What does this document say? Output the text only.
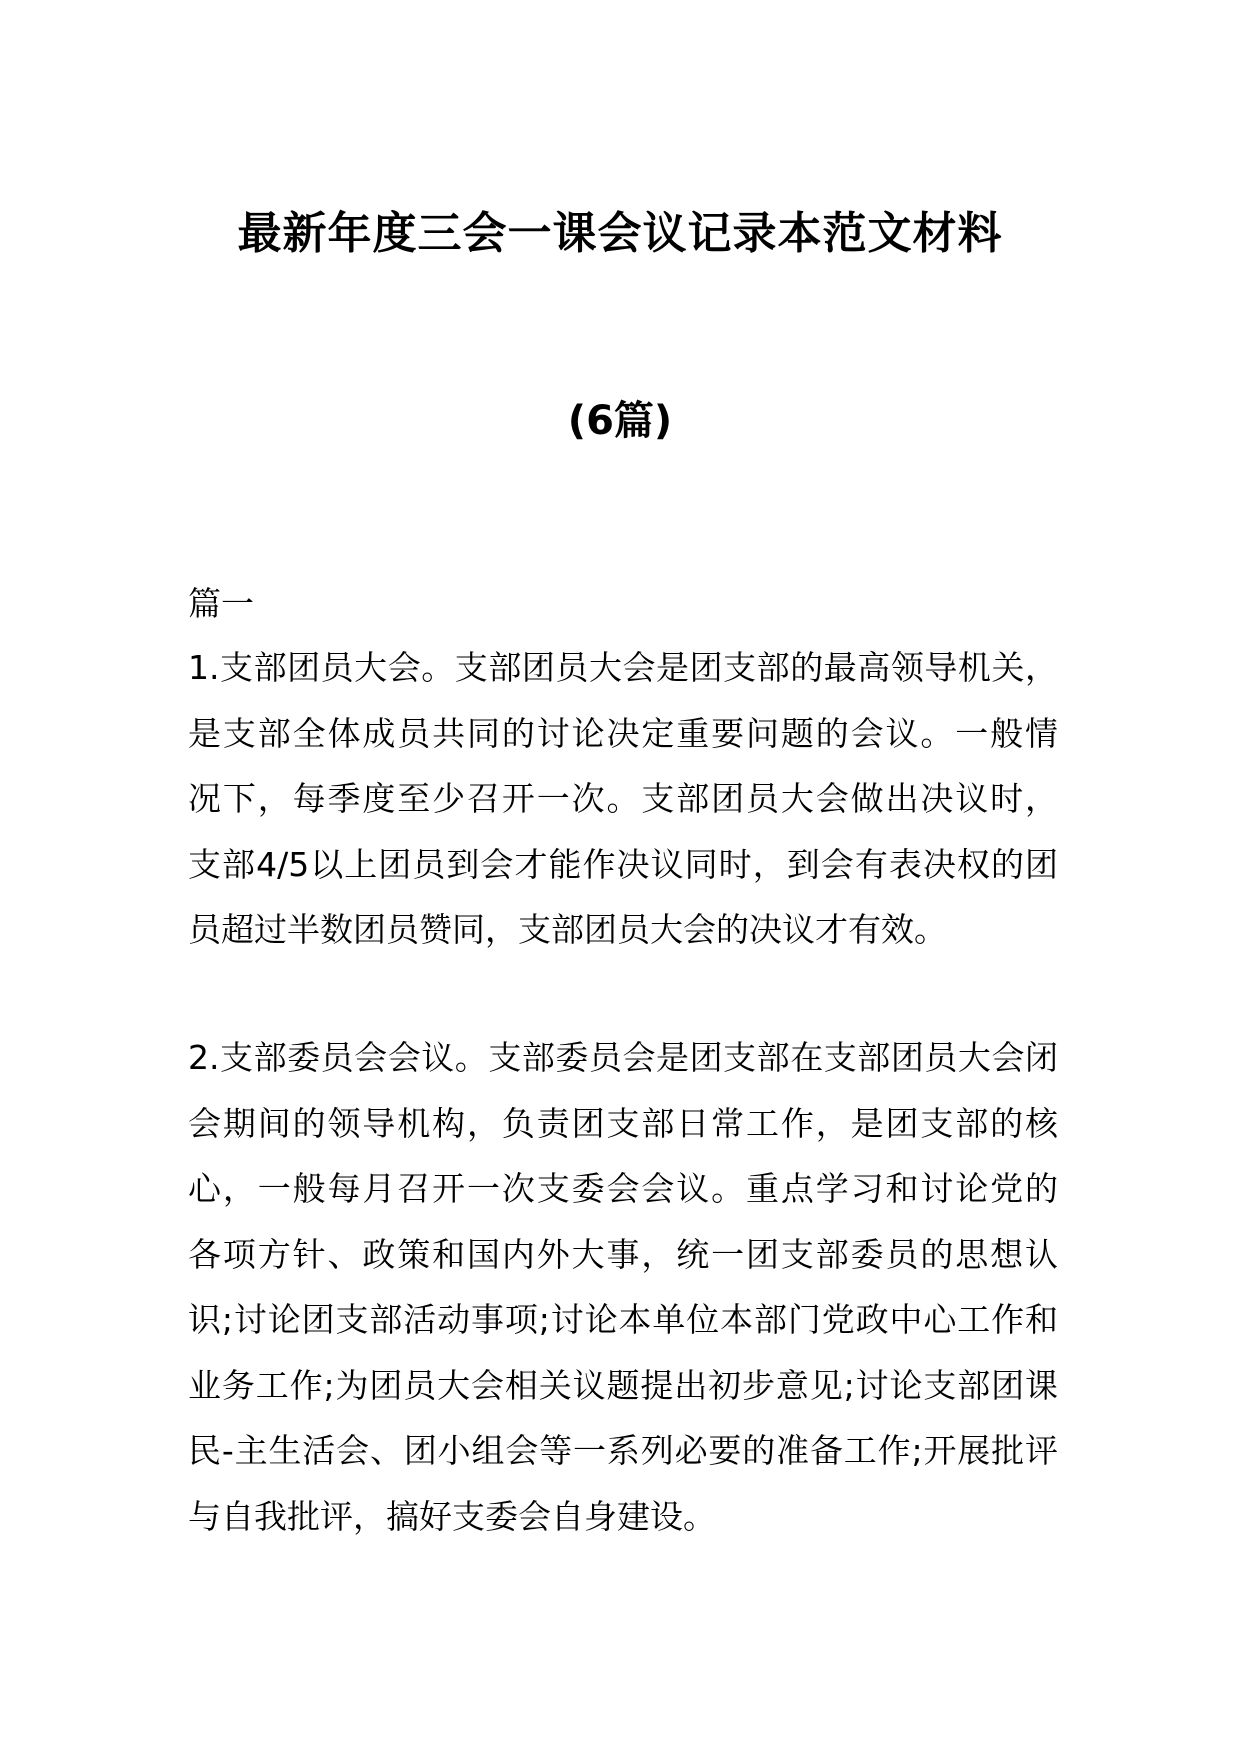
最新年度三会一课会议记录本范文材料
(6篇)
篇一
1.支部团员大会。支部团员大会是团支部的最高领导机关，
是支部全体成员共同的讨论决定重要问题的会议。一般情
况下，每季度至少召开一次。支部团员大会做出决议时，
支部4/5以上团员到会才能作决议同时，到会有表决权的团
员超过半数团员赞同，支部团员大会的决议才有效。
2.支部委员会会议。支部委员会是团支部在支部团员大会闭
会期间的领导机构，负责团支部日常工作，是团支部的核
心，一般每月召开一次支委会会议。重点学习和讨论党的
各项方针、政策和国内外大事，统一团支部委员的思想认
识;讨论团支部活动事项;讨论本单位本部门党政中心工作和
业务工作;为团员大会相关议题提出初步意见;讨论支部团课
民-主生活会、团小组会等一系列必要的准备工作;开展批评
与自我批评，搞好支委会自身建设。
